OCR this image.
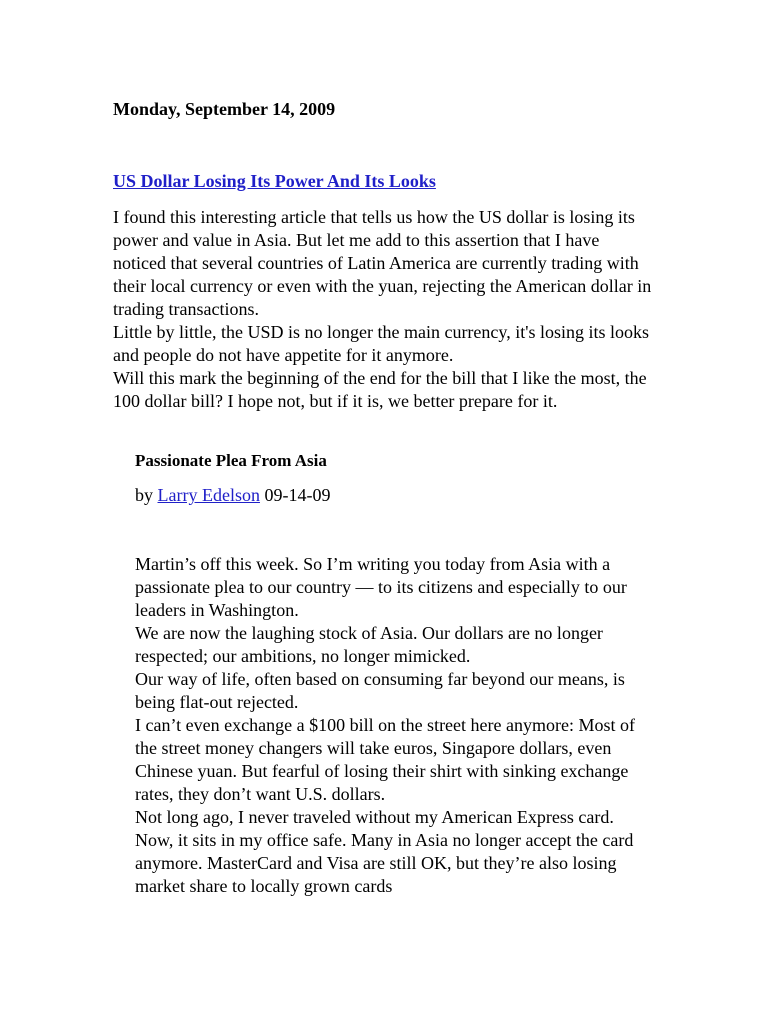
Monday, September 14, 2009
US Dollar Losing Its Power And Its Looks

I found this interesting article that tells us how the US dollar is losing its power and value in Asia. But let me add to this assertion that I have noticed that several countries of Latin America are currently trading with their local currency or even with the yuan, rejecting the American dollar in trading transactions.

Little by little, the USD is no longer the main currency, it's losing its looks and people do not have appetite for it anymore.

Will this mark the beginning of the end for the bill that I like the most, the 100 dollar bill? I hope not, but if it is, we better prepare for it.

Passionate Plea From Asia

by Larry Edelson 09-14-09

Martin’s off this week. So I’m writing you today from Asia with a passionate plea to our country — to its citizens and especially to our leaders in Washington.

We are now the laughing stock of Asia. Our dollars are no longer respected; our ambitions, no longer mimicked.

Our way of life, often based on consuming far beyond our means, is being flat-out rejected.

I can’t even exchange a $100 bill on the street here anymore: Most of the street money changers will take euros, Singapore dollars, even Chinese yuan. But fearful of losing their shirt with sinking exchange rates, they don’t want U.S. dollars.

Not long ago, I never traveled without my American Express card. Now, it sits in my office safe. Many in Asia no longer accept the card anymore. MasterCard and Visa are still OK, but they’re also losing market share to locally grown cards
